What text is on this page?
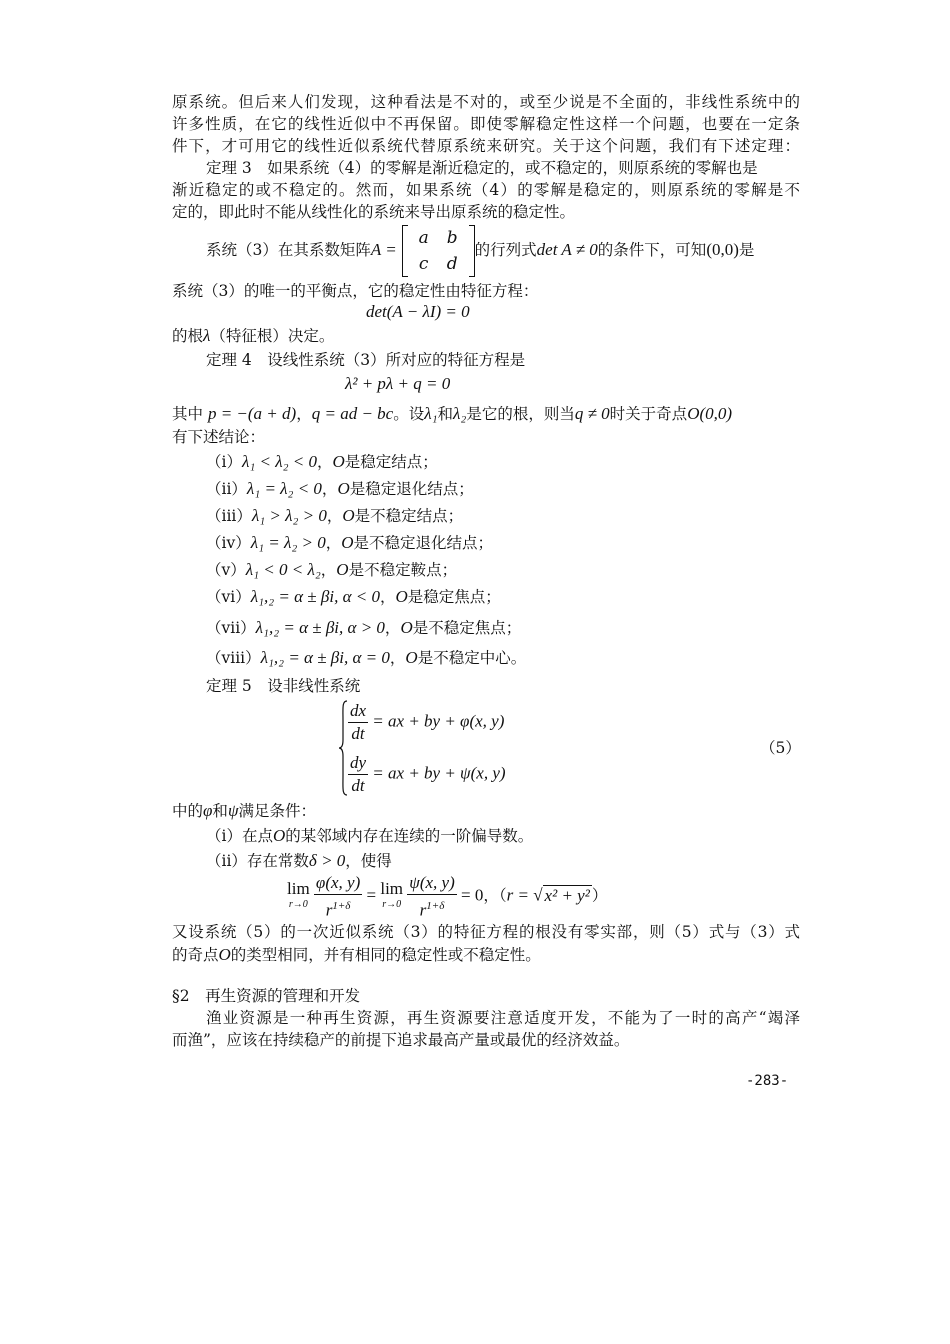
原系统。但后来人们发现，这种看法是不对的，或至少说是不全面的，非线性系统中的
许多性质，在它的线性近似中不再保留。即使零解稳定性这样一个问题，也要在一定条
件下，才可用它的线性近似系统代替原系统来研究。关于这个问题，我们有下述定理：
定理 3　如果系统（4）的零解是渐近稳定的，或不稳定的，则原系统的零解也是
渐近稳定的或不稳定的。然而，如果系统（4）的零解是稳定的，则原系统的零解是不
定的，即此时不能从线性化的系统来导出原系统的稳定性。
系统（3）在其系数矩阵A =
a	b
c	d
的行列式det A ≠ 0的条件下，可知(0,0)是
系统（3）的唯一的平衡点，它的稳定性由特征方程：
det(A − λI) = 0
的根λ（特征根）决定。
定理 4　设线性系统（3）所对应的特征方程是
λ² + pλ + q = 0
其中 p = −(a + d)，q = ad − bc。设λ₁和λ₂是它的根，则当q ≠ 0时关于奇点O(0,0)
有下述结论：
（i）λ₁ < λ₂ < 0，O是稳定结点；
（ii）λ₁ = λ₂ < 0，O是稳定退化结点；
（iii）λ₁ > λ₂ > 0，O是不稳定结点；
（iv）λ₁ = λ₂ > 0，O是不稳定退化结点；
（v）λ₁ < 0 < λ₂，O是不稳定鞍点；
（vi）λ₁,₂ = α ± βi, α < 0，O是稳定焦点；
（vii）λ₁,₂ = α ± βi, α > 0，O是不稳定焦点；
（viii）λ₁,₂ = α ± βi, α = 0，O是不稳定中心。
定理 5　设非线性系统
$\frac{dx}{dt}$ = ax + by + φ(x, y)
$\frac{dy}{dt}$ = ax + by + ψ(x, y)
（5）
中的φ和ψ满足条件：
（i）在点O的某邻域内存在连续的一阶偏导数。
（ii）存在常数δ > 0，使得
lim
r→0
$\frac{\varphi(x, y)}{r^{1+\delta}} = \lim$
r→0
$\frac{\psi(x, y)}{r^{1+\delta}} = 0$，（r = √ x² + y² ）
又设系统（5）的一次近似系统（3）的特征方程的根没有零实部，则（5）式与（3）式
的奇点O的类型相同，并有相同的稳定性或不稳定性。
§2　再生资源的管理和开发
渔业资源是一种再生资源，再生资源要注意适度开发，不能为了一时的高产“竭泽
而渔”，应该在持续稳产的前提下追求最高产量或最优的经济效益。
-283-
